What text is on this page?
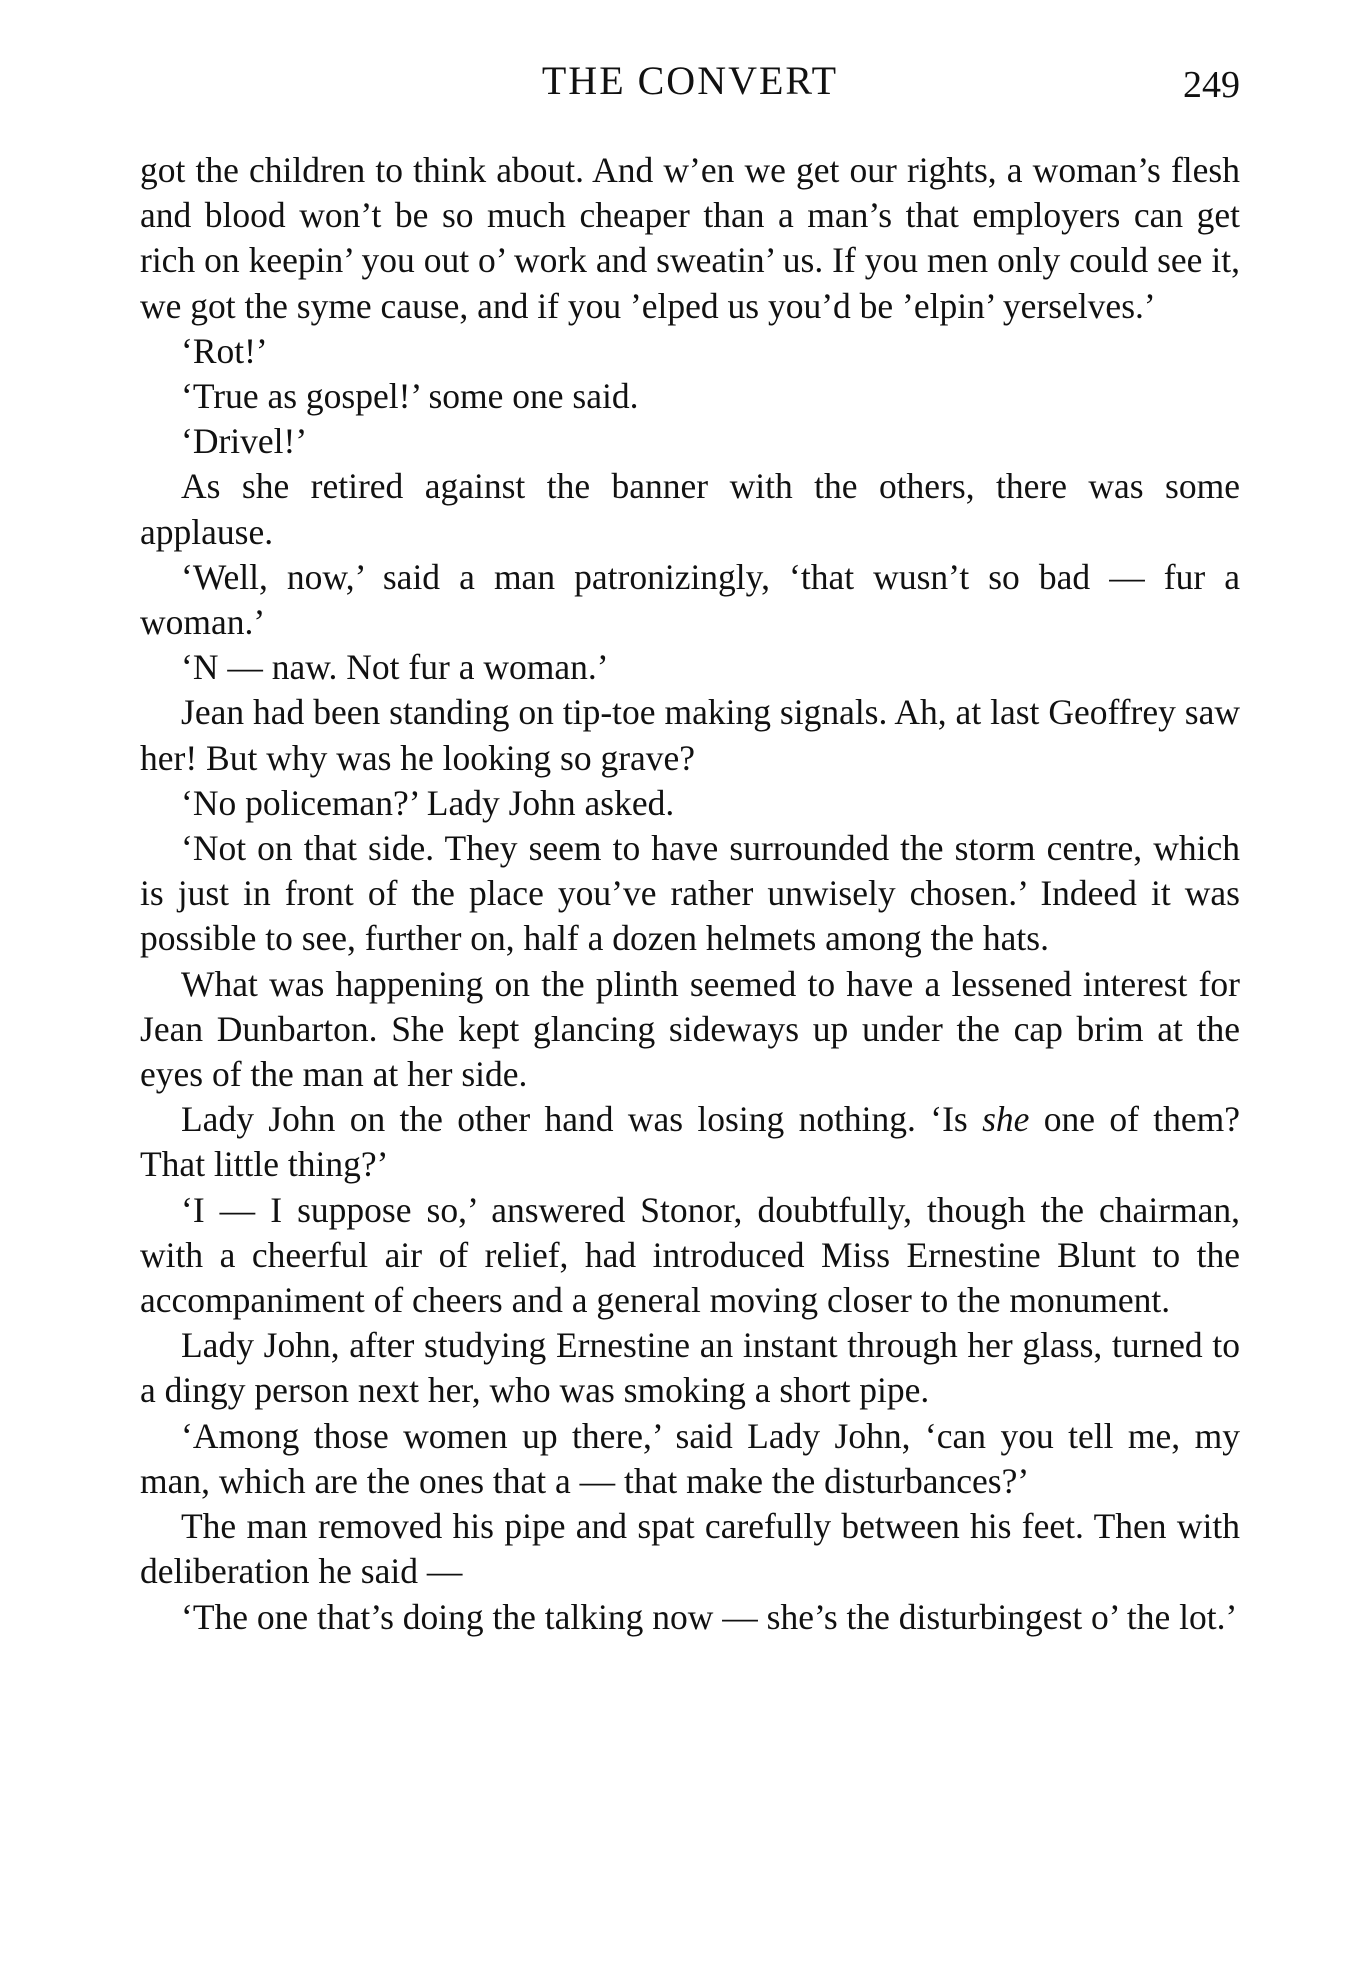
THE CONVERT	249

got the children to think about. And w’en we get our rights, a woman’s flesh and blood won’t be so much cheaper than a man’s that employers can get rich on keepin’ you out o’ work and sweatin’ us. If you men only could see it, we got the syme cause, and if you ’elped us you’d be ’elpin’ yerselves.’

‘Rot!’

‘True as gospel!’ some one said.

‘Drivel!’

As she retired against the banner with the others, there was some applause.

‘Well, now,’ said a man patronizingly, ‘that wusn’t so bad — fur a woman.’

‘N — naw. Not fur a woman.’

Jean had been standing on tip-toe making signals. Ah, at last Geoffrey saw her! But why was he looking so grave?

‘No policeman?’ Lady John asked.

‘Not on that side. They seem to have surrounded the storm centre, which is just in front of the place you’ve rather unwisely chosen.’ Indeed it was possible to see, further on, half a dozen helmets among the hats.

What was happening on the plinth seemed to have a lessened interest for Jean Dunbarton. She kept glancing sideways up under the cap brim at the eyes of the man at her side.

Lady John on the other hand was losing nothing. ‘Is she one of them? That little thing?’

‘I — I suppose so,’ answered Stonor, doubtfully, though the chairman, with a cheerful air of relief, had introduced Miss Ernestine Blunt to the accompaniment of cheers and a general moving closer to the monument.

Lady John, after studying Ernestine an instant through her glass, turned to a dingy person next her, who was smoking a short pipe.

‘Among those women up there,’ said Lady John, ‘can you tell me, my man, which are the ones that a — that make the disturbances?’

The man removed his pipe and spat carefully between his feet. Then with deliberation he said —

‘The one that’s doing the talking now — she’s the disturbingest o’ the lot.’
